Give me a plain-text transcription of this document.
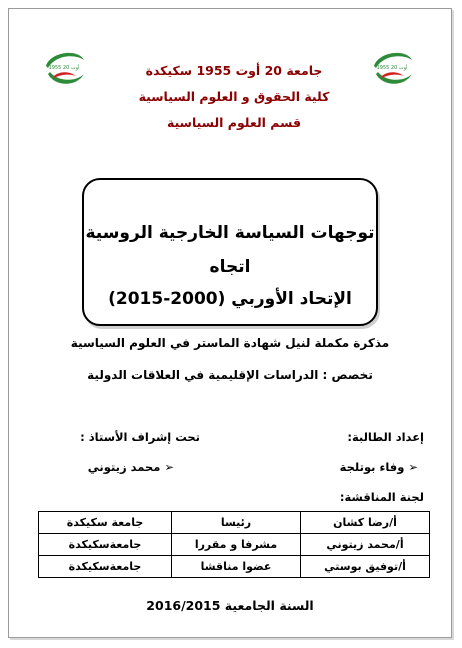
1955 أوت 20	1955 أوت 20
جامعة 20 أوت 1955 سكيكدة
كلية الحقوق و العلوم السياسية
قسم العلوم السياسية
توجهات السياسة الخارجية الروسية اتجاه
الإتحاد الأوربي (2000-2015)
مذكرة مكملة لنيل شهادة الماستر في العلوم السياسية
تخصص : الدراسات الإقليمية في العلاقات الدولية
إعداد الطالبة:
تحت إشراف الأستاذ :
➢ وفاء بوتلجة
➢ محمد زيتوني
لجنة المناقشة:
أ/رضا كشان	رئيسا	جامعة سكيكدة
أ/محمد زيتوني	مشرفا و مقررا	جامعةسكيكدة
أ/توفيق بوستي	عضوا مناقشا	جامعةسكيكدة
السنة الجامعية 2016/2015
